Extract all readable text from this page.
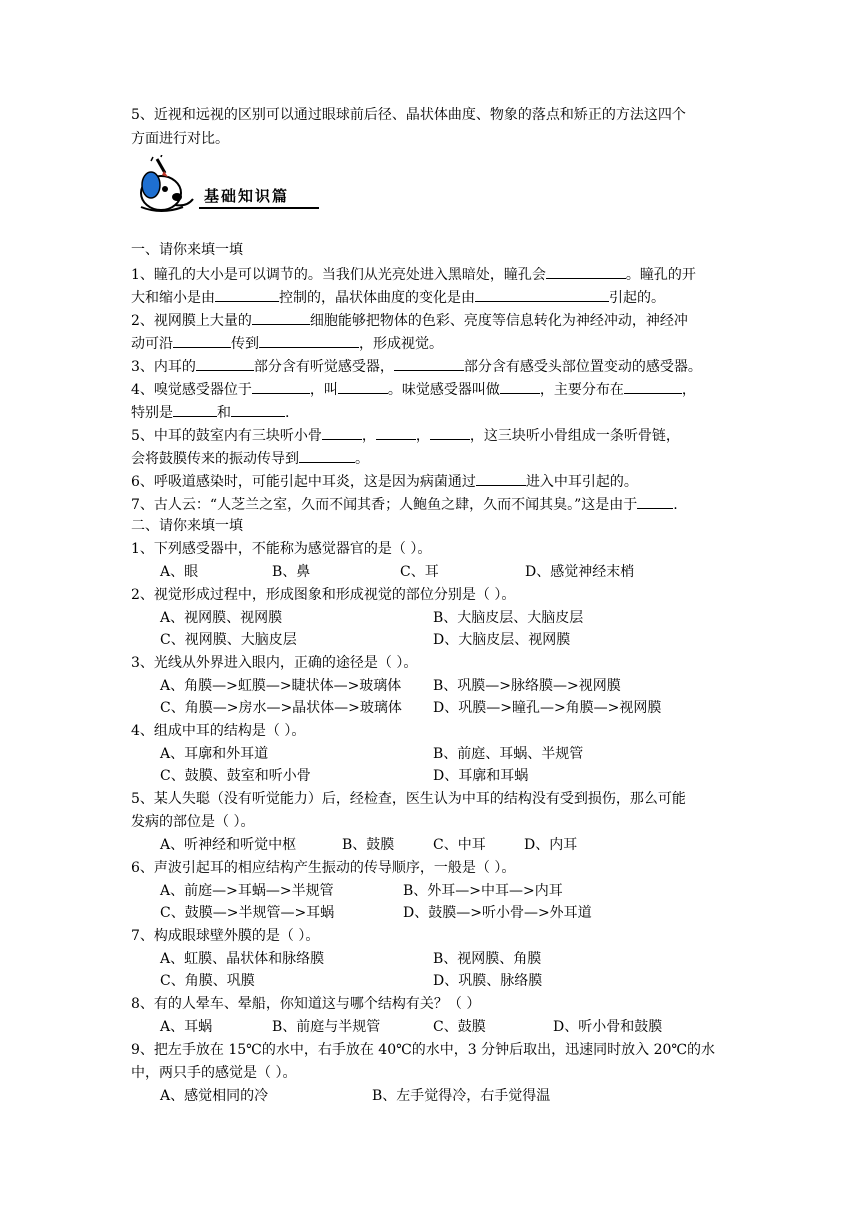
5、近视和远视的区别可以通过眼球前后径、晶状体曲度、物象的落点和矫正的方法这四个
方面进行对比。
基础知识篇
一、请你来填一填
1、瞳孔的大小是可以调节的。当我们从光亮处进入黑暗处，瞳孔会	。瞳孔的开
大和缩小是由	控制的，晶状体曲度的变化是由	引起的。
2、视网膜上大量的	细胞能够把物体的色彩、亮度等信息转化为神经冲动，神经冲
动可沿	传到	，形成视觉。
3、内耳的	部分含有听觉感受器，	部分含有感受头部位置变动的感受器。
4、嗅觉感受器位于	，叫	。味觉感受器叫做	，主要分布在	，
特别是	和	.
5、中耳的鼓室内有三块听小骨	，	，	，这三块听小骨组成一条听骨链，
会将鼓膜传来的振动传导到	。
6、呼吸道感染时，可能引起中耳炎，这是因为病菌通过	进入中耳引起的。
7、古人云：“人芝兰之室，久而不闻其香；人鲍鱼之肆，久而不闻其臭。”这是由于	.
二、请你来填一填
1、下列感受器中，不能称为感觉器官的是（ ）。
A、眼	B、鼻	C、耳	D、感觉神经末梢
2、视觉形成过程中，形成图象和形成视觉的部位分别是（ ）。
A、视网膜、视网膜	B、大脑皮层、大脑皮层
C、视网膜、大脑皮层	D、大脑皮层、视网膜
3、光线从外界进入眼内，正确的途径是（ ）。
A、角膜—>虹膜—>睫状体—>玻璃体 B、巩膜—>脉络膜—>视网膜
C、角膜—>房水—>晶状体—>玻璃体 D、巩膜—>瞳孔—>角膜—>视网膜
4、组成中耳的结构是（ ）。
A、耳廓和外耳道	B、前庭、耳蜗、半规管
C、鼓膜、鼓室和听小骨	D、耳廓和耳蜗
5、某人失聪（没有听觉能力）后，经检查，医生认为中耳的结构没有受到损伤，那么可能
发病的部位是（ ）。
A、听神经和听觉中枢	B、鼓膜	C、中耳	D、内耳
6、声波引起耳的相应结构产生振动的传导顺序，一般是（ ）。
A、前庭—>耳蜗—>半规管	B、外耳—>中耳—>内耳
C、鼓膜—>半规管—>耳蜗	D、鼓膜—>听小骨—>外耳道
7、构成眼球壁外膜的是（ ）。
A、虹膜、晶状体和脉络膜	B、视网膜、角膜
C、角膜、巩膜	D、巩膜、脉络膜
8、有的人晕车、晕船，你知道这与哪个结构有关？（ ）
A、耳蜗	B、前庭与半规管	C、鼓膜	D、听小骨和鼓膜
9、把左手放在 15℃的水中，右手放在 40℃的水中，3 分钟后取出，迅速同时放入 20℃的水
中，两只手的感觉是（ ）。
A、感觉相同的冷	B、左手觉得冷，右手觉得温
